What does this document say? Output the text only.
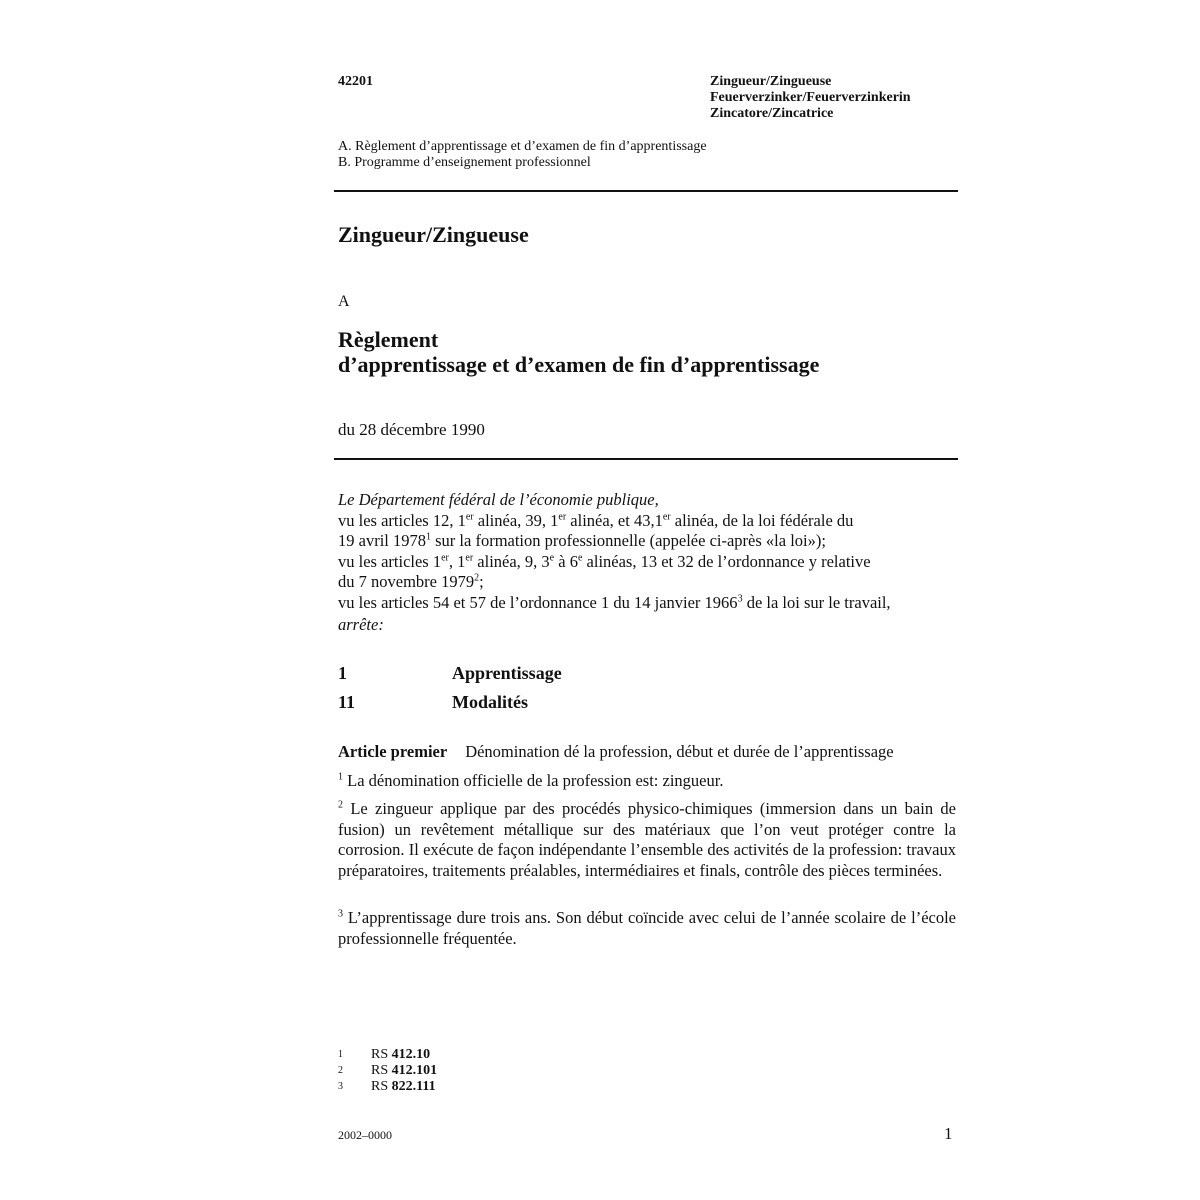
42201	Zingueur/Zingueuse
Feuerverzinker/Feuerverzinkerin
Zincatore/Zincatrice
A. Règlement d’apprentissage et d’examen de fin d’apprentissage
B. Programme d’enseignement professionnel
Zingueur/Zingueuse
A
Règlement
d’apprentissage et d’examen de fin d’apprentissage
du 28 décembre 1990
Le Département fédéral de l’économie publique,
vu les articles 12, 1er alinéa, 39, 1er alinéa, et 43,1er alinéa, de la loi fédérale du
19 avril 1978$^1$ sur la formation professionnelle (appelée ci-après «la loi»);
vu les articles 1er, 1er alinéa, 9, 3e à 6e alinéas, 13 et 32 de l’ordonnance y relative
du 7 novembre 1979$^2$;
vu les articles 54 et 57 de l’ordonnance 1 du 14 janvier 1966$^3$ de la loi sur le travail,
arrête:
1	Apprentissage
11	Modalités
Article premier Dénomination dé la profession, début et durée de l’apprentissage
$^1$ La dénomination officielle de la profession est: zingueur.
$^2$ Le zingueur applique par des procédés physico-chimiques (immersion dans un bain de fusion) un revêtement métallique sur des matériaux que l’on veut protéger contre la corrosion. Il exécute de façon indépendante l’ensemble des activités de la profession: travaux préparatoires, traitements préalables, intermédiaires et finals, contrôle des pièces terminées.
$^3$ L’apprentissage dure trois ans. Son début coïncide avec celui de l’année scolaire de l’école professionnelle fréquentée.
1 RS 412.10
2 RS 412.101
3 RS 822.111
2002–0000	1
